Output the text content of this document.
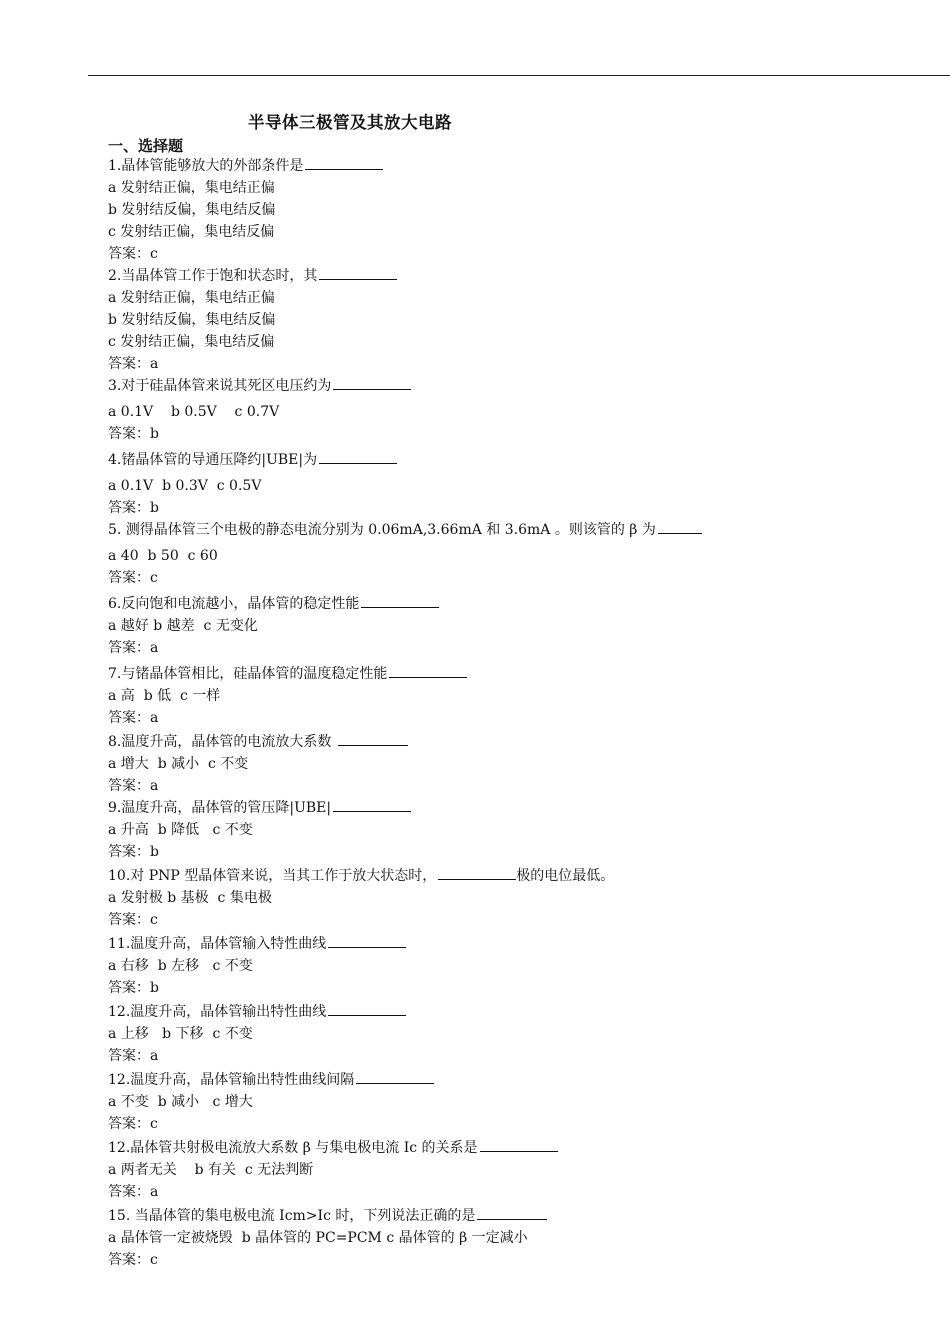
半导体三极管及其放大电路
一、选择题
1.晶体管能够放大的外部条件是
a 发射结正偏，集电结正偏
b 发射结反偏，集电结反偏
c 发射结正偏，集电结反偏
答案：c
2.当晶体管工作于饱和状态时，其
a 发射结正偏，集电结正偏
b 发射结反偏，集电结反偏
c 发射结正偏，集电结反偏
答案：a
3.对于硅晶体管来说其死区电压约为
a 0.1V    b 0.5V    c 0.7V
答案：b
4.锗晶体管的导通压降约|UBE|为
a 0.1V  b 0.3V  c 0.5V
答案：b
5. 测得晶体管三个电极的静态电流分别为 0.06mA,3.66mA 和 3.6mA 。则该管的 β 为
a 40  b 50  c 60
答案：c
6.反向饱和电流越小，晶体管的稳定性能
a 越好 b 越差  c 无变化
答案：a
7.与锗晶体管相比，硅晶体管的温度稳定性能
a 高  b 低  c 一样
答案：a
8.温度升高，晶体管的电流放大系数
a 增大  b 减小  c 不变
答案：a
9.温度升高，晶体管的管压降|UBE|
a 升高  b 降低   c 不变
答案：b
10.对 PNP 型晶体管来说，当其工作于放大状态时，	极的电位最低。
a 发射极 b 基极  c 集电极
答案：c
11.温度升高，晶体管输入特性曲线
a 右移  b 左移   c 不变
答案：b
12.温度升高，晶体管输出特性曲线
a 上移   b 下移  c 不变
答案：a
12.温度升高，晶体管输出特性曲线间隔
a 不变  b 减小   c 增大
答案：c
12.晶体管共射极电流放大系数 β 与集电极电流 Ic 的关系是
a 两者无关    b 有关  c 无法判断
答案：a
15. 当晶体管的集电极电流 Icm>Ic 时，下列说法正确的是
a 晶体管一定被烧毁  b 晶体管的 PC=PCM c 晶体管的 β 一定减小
答案：c
